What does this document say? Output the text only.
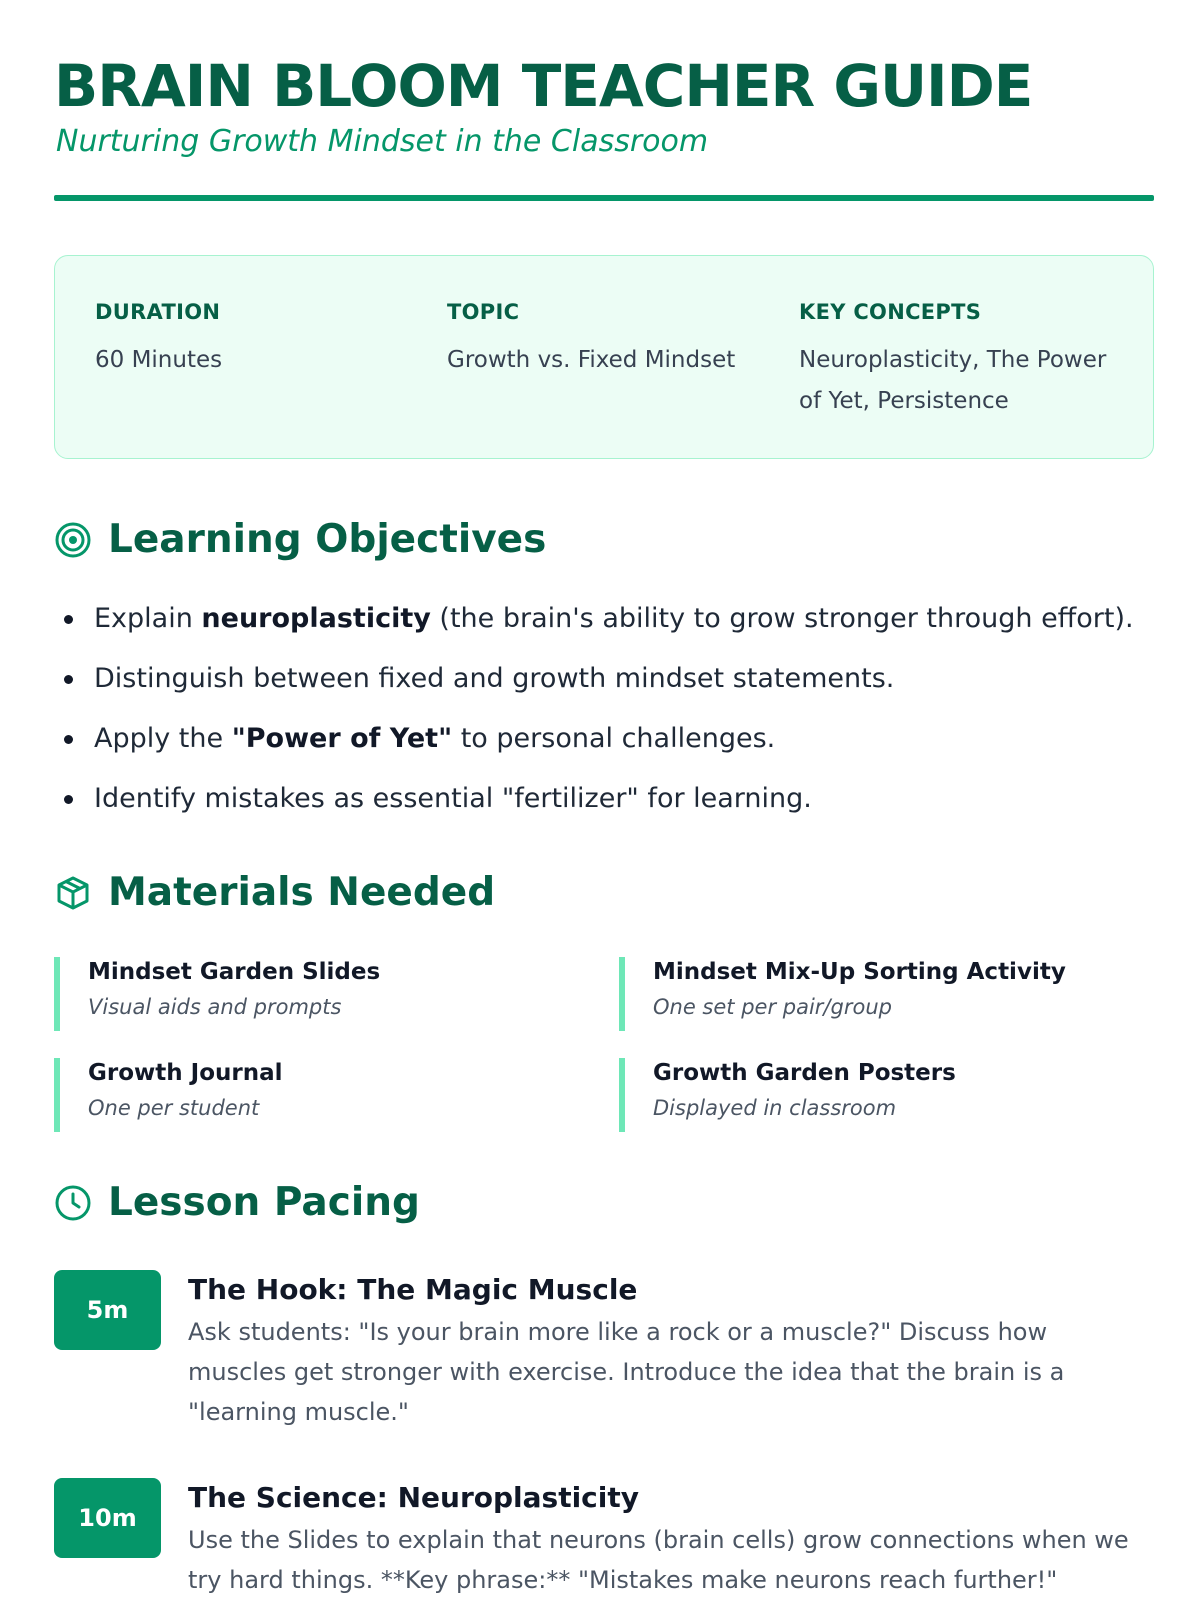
BRAIN BLOOM TEACHER GUIDE
Nurturing Growth Mindset in the Classroom
DURATION
60 Minutes
TOPIC
Growth vs. Fixed Mindset
KEY CONCEPTS
Neuroplasticity, The Power of Yet, Persistence
Learning Objectives
Explain neuroplasticity (the brain's ability to grow stronger through effort).
Distinguish between fixed and growth mindset statements.
Apply the "Power of Yet" to personal challenges.
Identify mistakes as essential "fertilizer" for learning.
Materials Needed
Mindset Garden Slides
Visual aids and prompts
Mindset Mix-Up Sorting Activity
One set per pair/group
Growth Journal
One per student
Growth Garden Posters
Displayed in classroom
Lesson Pacing
5m
The Hook: The Magic Muscle
Ask students: "Is your brain more like a rock or a muscle?" Discuss how muscles get stronger with exercise. Introduce the idea that the brain is a "learning muscle."
10m
The Science: Neuroplasticity
Use the Slides to explain that neurons (brain cells) grow connections when we try hard things. **Key phrase:** "Mistakes make neurons reach further!"
